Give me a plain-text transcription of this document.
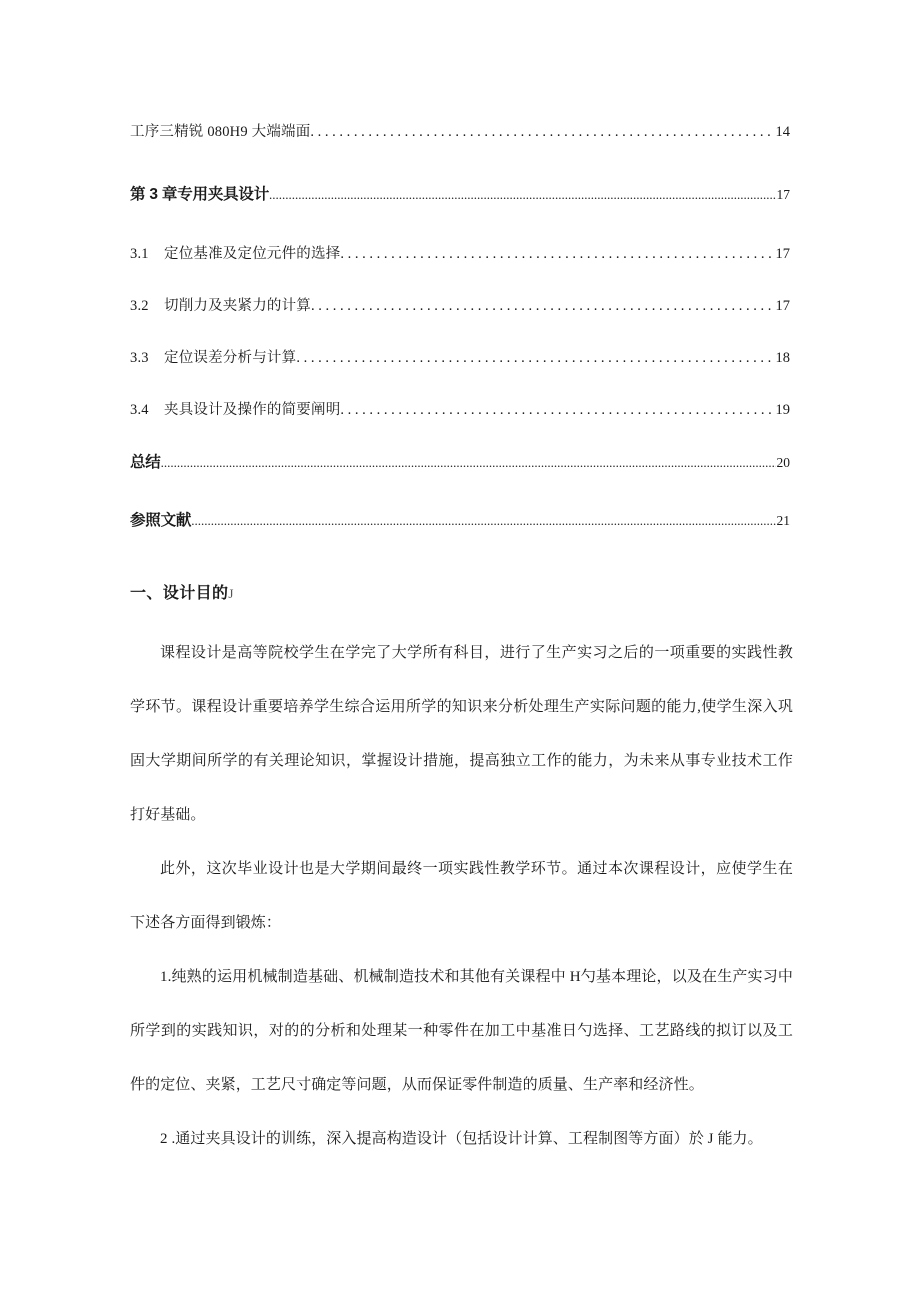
工序三精锐 080H9 大端端面 . . .	14
第 3 章专用夹具设计 .....	17
3.1 定位基准及定位元件的选择 . . .	17
3.2 切削力及夹紧力的计算 . . .	17
3.3 定位误差分析与计算 . . .	18
3.4 夹具设计及操作的简要阐明 . . .	19
总结 .....	20
参照文献 .....	21
一、设计目的J

课程设计是高等院校学生在学完了大学所有科目，进行了生产实习之后的一项重要的实践性教学环节。课程设计重要培养学生综合运用所学的知识来分析处理生产实际问题的能力,使学生深入巩固大学期间所学的有关理论知识，掌握设计措施，提高独立工作的能力，为未来从事专业技术工作打好基础。

此外，这次毕业设计也是大学期间最终一项实践性教学环节。通过本次课程设计，应使学生在下述各方面得到锻炼：

1.纯熟的运用机械制造基础、机械制造技术和其他有关课程中 H勺基本理论，以及在生产实习中所学到的实践知识，对的的分析和处理某一种零件在加工中基准日勺选择、工艺路线的拟订以及工件的定位、夹紧，工艺尺寸确定等问题，从而保证零件制造的质量、生产率和经济性。

2 .通过夹具设计的训练，深入提高构造设计（包括设计计算、工程制图等方面）於 J 能力。
